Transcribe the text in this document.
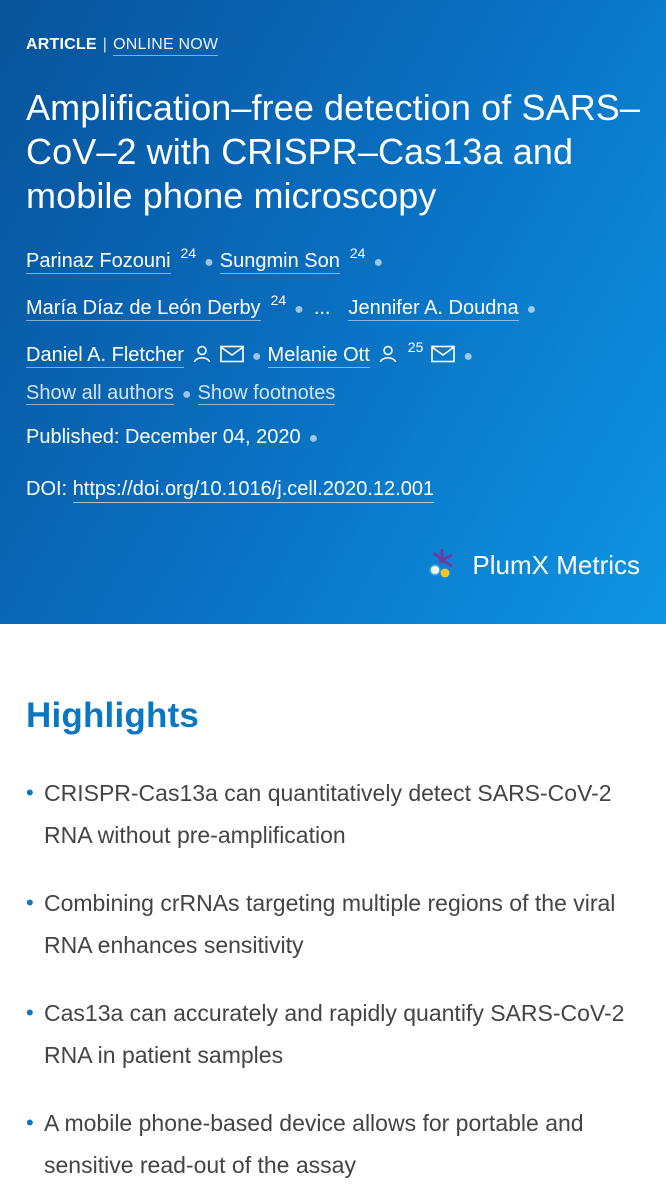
ARTICLE | ONLINE NOW
Amplification–free detection of SARS–CoV–2 with CRISPR–Cas13a and mobile phone microscopy
Parinaz Fozouni $^{24}$● Sungmin Son $^{24}$●
María Díaz de León Derby $^{24}$● ... Jennifer A. Doudna ●
Daniel A. Fletcher	● Melanie Ott	$^{25}$●
Show all authors ● Show footnotes
Published: December 04, 2020 ●
DOI: https://doi.org/10.1016/j.cell.2020.12.001
PlumX Metrics
Highlights
• CRISPR-Cas13a can quantitatively detect SARS-CoV-2 RNA without pre-amplification
• Combining crRNAs targeting multiple regions of the viral RNA enhances sensitivity
• Cas13a can accurately and rapidly quantify SARS-CoV-2 RNA in patient samples
• A mobile phone-based device allows for portable and sensitive read-out of the assay
